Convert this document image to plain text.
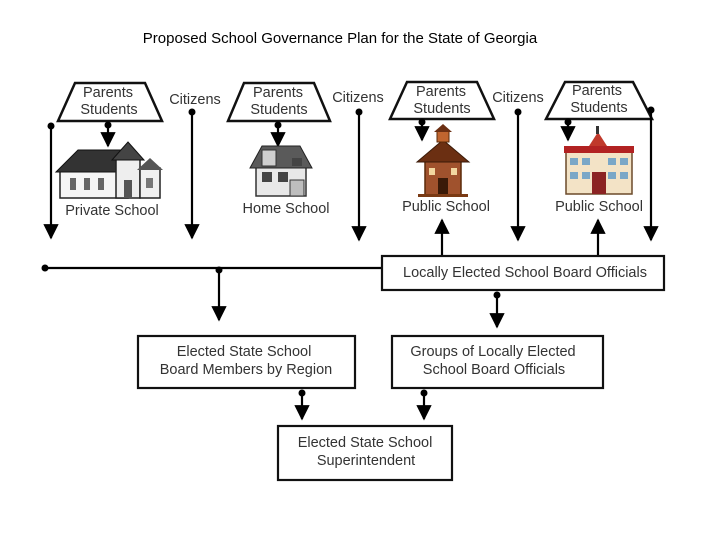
Proposed School Governance Plan for the State of Georgia
Parents
Students
Parents
Students
Parents
Students
Parents
Students
Citizens	Citizens	Citizens
Private School	Home School	Public School	Public School
Locally Elected School Board Officials
Elected State School
Board Members by Region
Groups of Locally Elected
School Board Officials
Elected State School
Superintendent
